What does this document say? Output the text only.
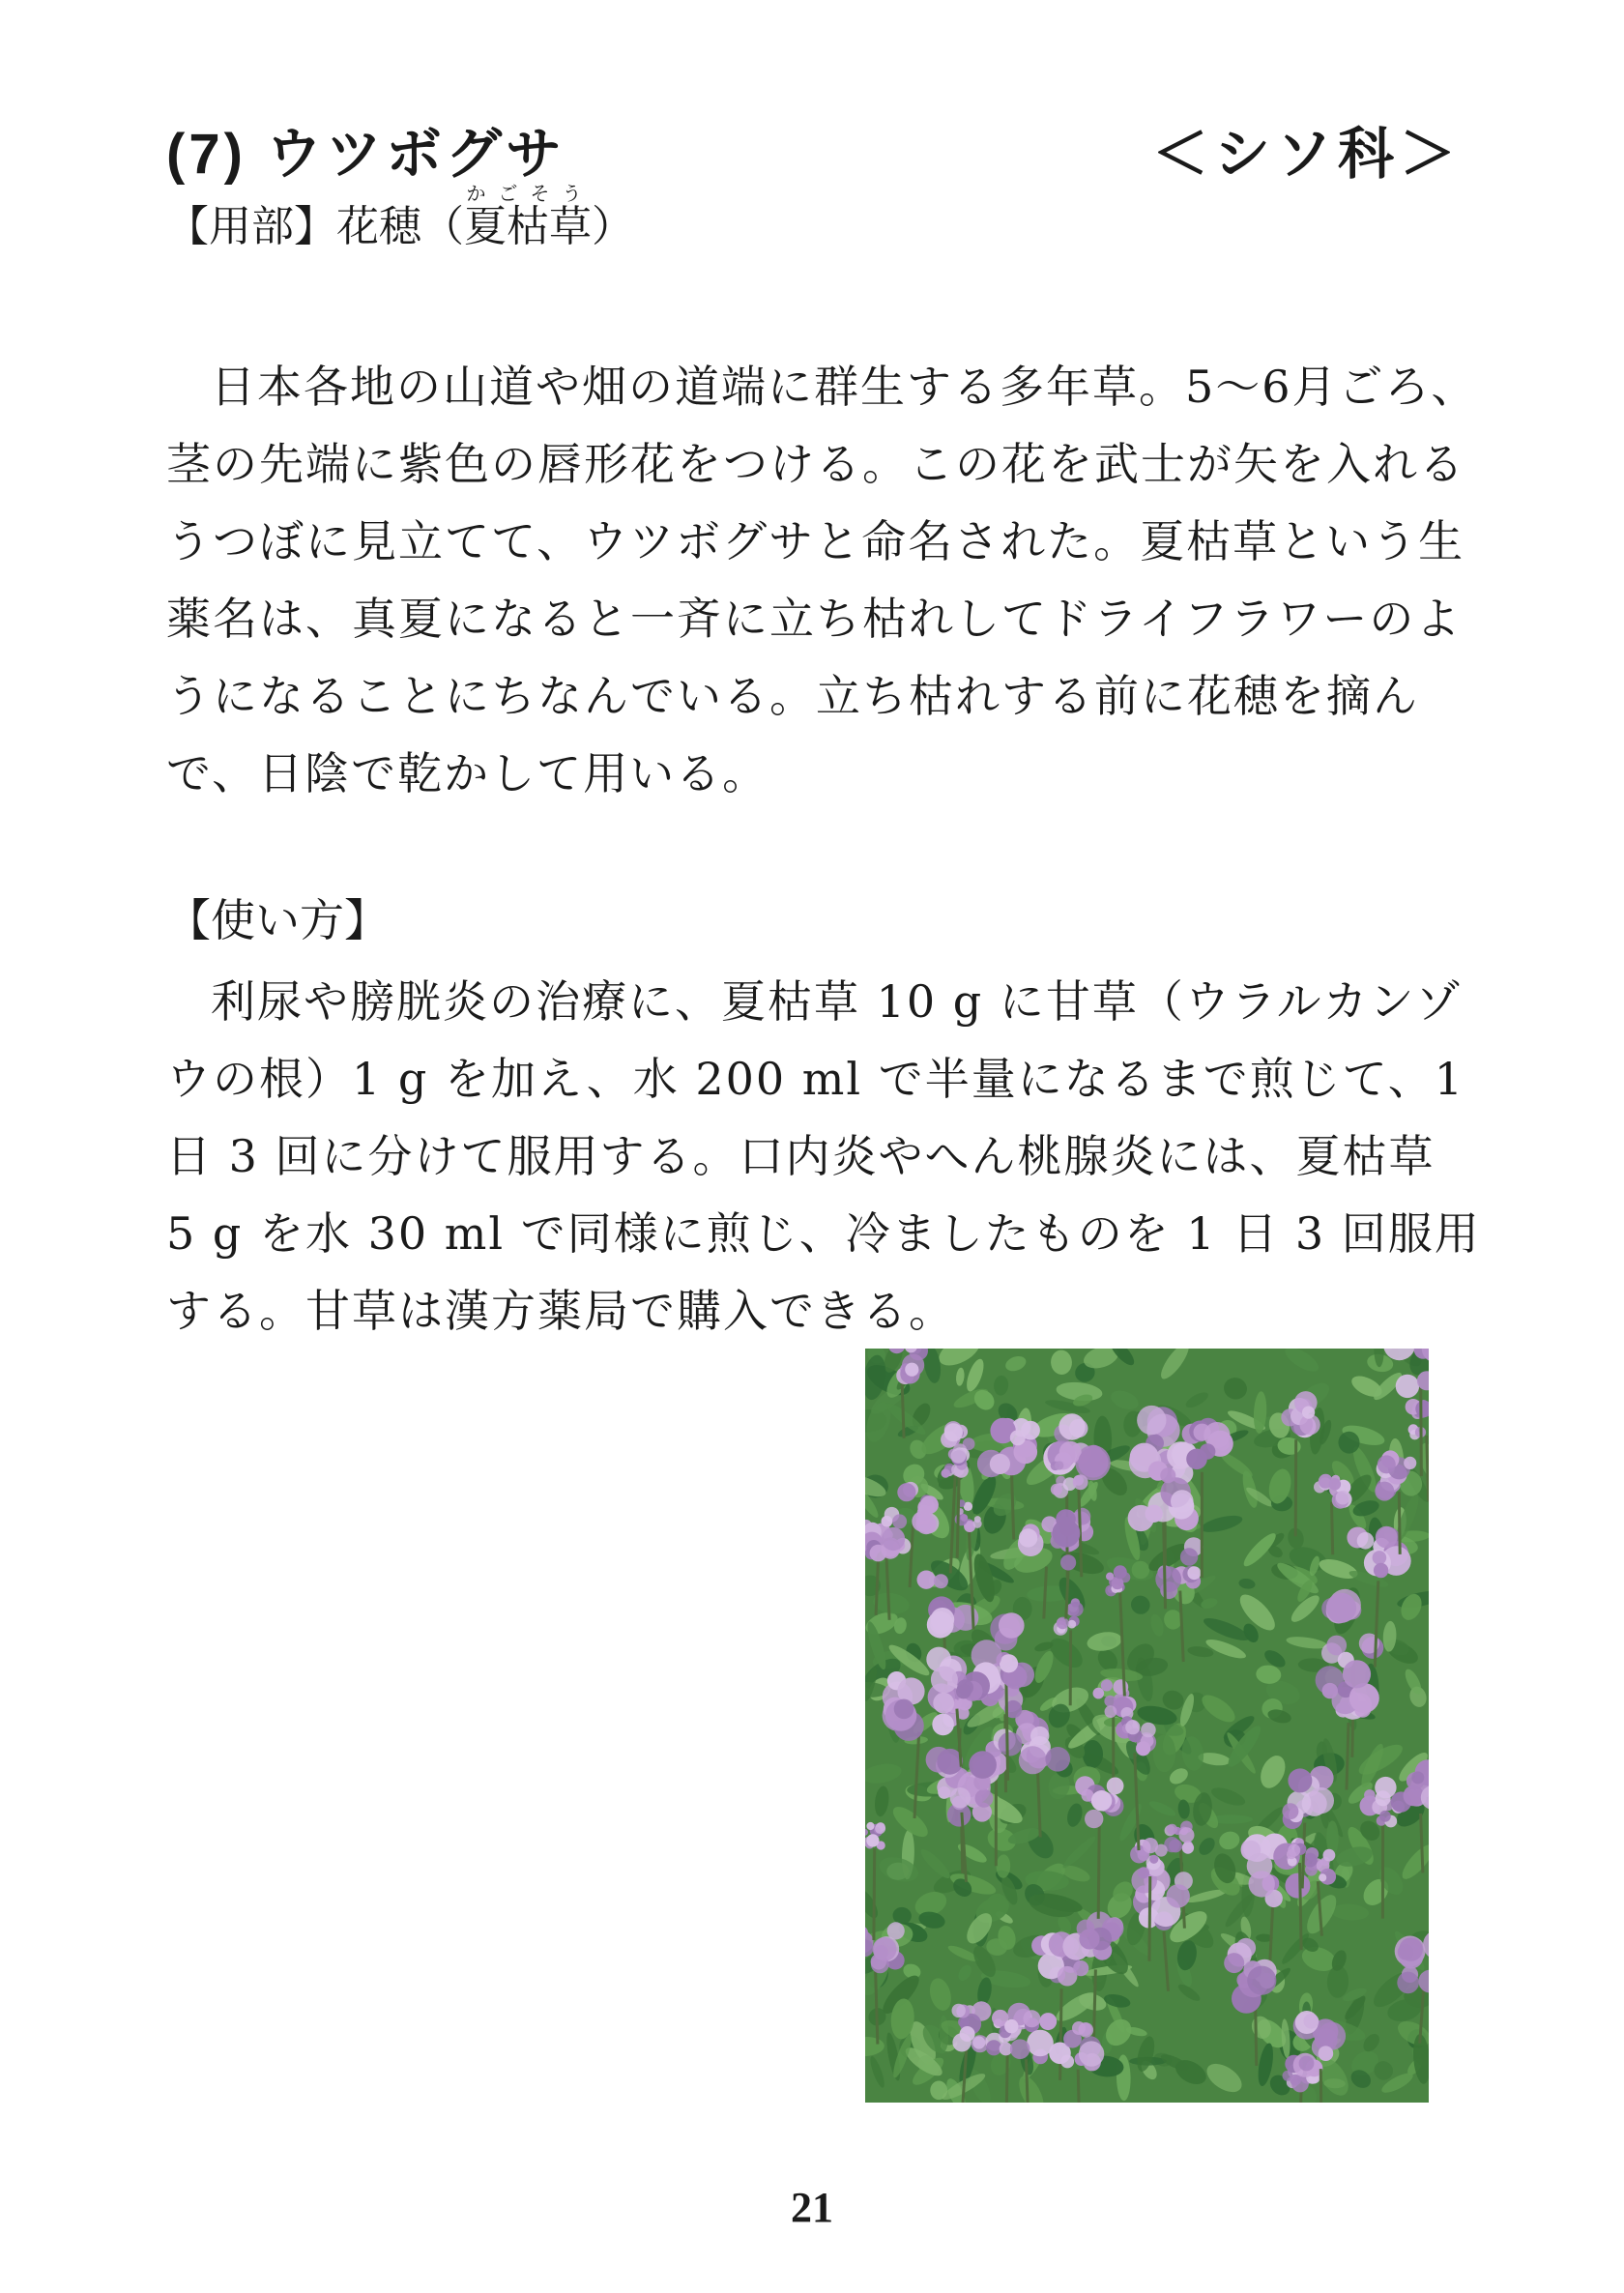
(7) ウツボグサ	＜シソ科＞
【用部】花穂（夏枯草かごそう）

日本各地の山道や畑の道端に群生する多年草。5～6月ごろ、茎の先端に紫色の唇形花をつける。この花を武士が矢を入れるうつぼに見立てて、ウツボグサと命名された。夏枯草という生薬名は、真夏になると一斉に立ち枯れしてドライフラワーのようになることにちなんでいる。立ち枯れする前に花穂を摘んで、日陰で乾かして用いる。

【使い方】

利尿や膀胱炎の治療に、夏枯草 10 g に甘草（ウラルカンゾウの根）1 g を加え、水 200 ml で半量になるまで煎じて、1日 3 回に分けて服用する。口内炎やへん桃腺炎には、夏枯草 5 g を水 30 ml で同様に煎じ、冷ましたものを 1 日 3 回服用する。甘草は漢方薬局で購入できる。

21
